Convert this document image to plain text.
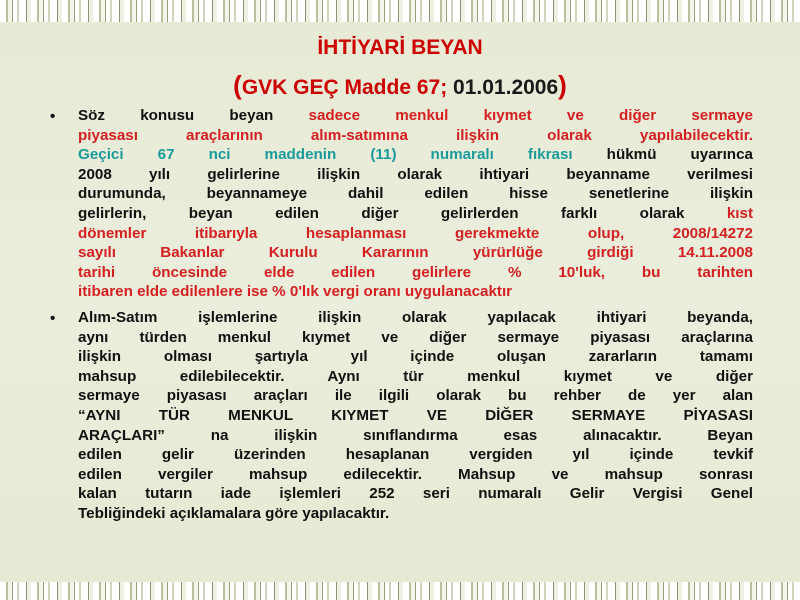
İHTİYARİ BEYAN
(GVK GEÇ Madde 67; 01.01.2006)
• Söz konusu beyan sadece menkul kıymet ve diğer sermaye
piyasası araçlarının alım-satımına ilişkin olarak yapılabilecektir.
Geçici 67 nci maddenin (11) numaralı fıkrası hükmü uyarınca
2008 yılı gelirlerine ilişkin olarak ihtiyari beyanname verilmesi
durumunda, beyannameye dahil edilen hisse senetlerine ilişkin
gelirlerin, beyan edilen diğer gelirlerden farklı olarak kıst
dönemler itibarıyla hesaplanması gerekmekte olup, 2008/14272
sayılı Bakanlar Kurulu Kararının yürürlüğe girdiği 14.11.2008
tarihi öncesinde elde edilen gelirlere % 10'luk, bu tarihten
itibaren elde edilenlere ise % 0'lık vergi oranı uygulanacaktır
• Alım-Satım işlemlerine ilişkin olarak yapılacak ihtiyari beyanda,
aynı türden menkul kıymet ve diğer sermaye piyasası araçlarına
ilişkin olması şartıyla yıl içinde oluşan zararların tamamı
mahsup edilebilecektir. Aynı tür menkul kıymet ve diğer
sermaye piyasası araçları ile ilgili olarak bu rehber de yer alan
“AYNI TÜR MENKUL KIYMET VE DİĞER SERMAYE PİYASASI
ARAÇLARI” na ilişkin sınıflandırma esas alınacaktır. Beyan
edilen gelir üzerinden hesaplanan vergiden yıl içinde tevkif
edilen vergiler mahsup edilecektir. Mahsup ve mahsup sonrası
kalan tutarın iade işlemleri 252 seri numaralı Gelir Vergisi Genel
Tebliğindeki açıklamalara göre yapılacaktır.
